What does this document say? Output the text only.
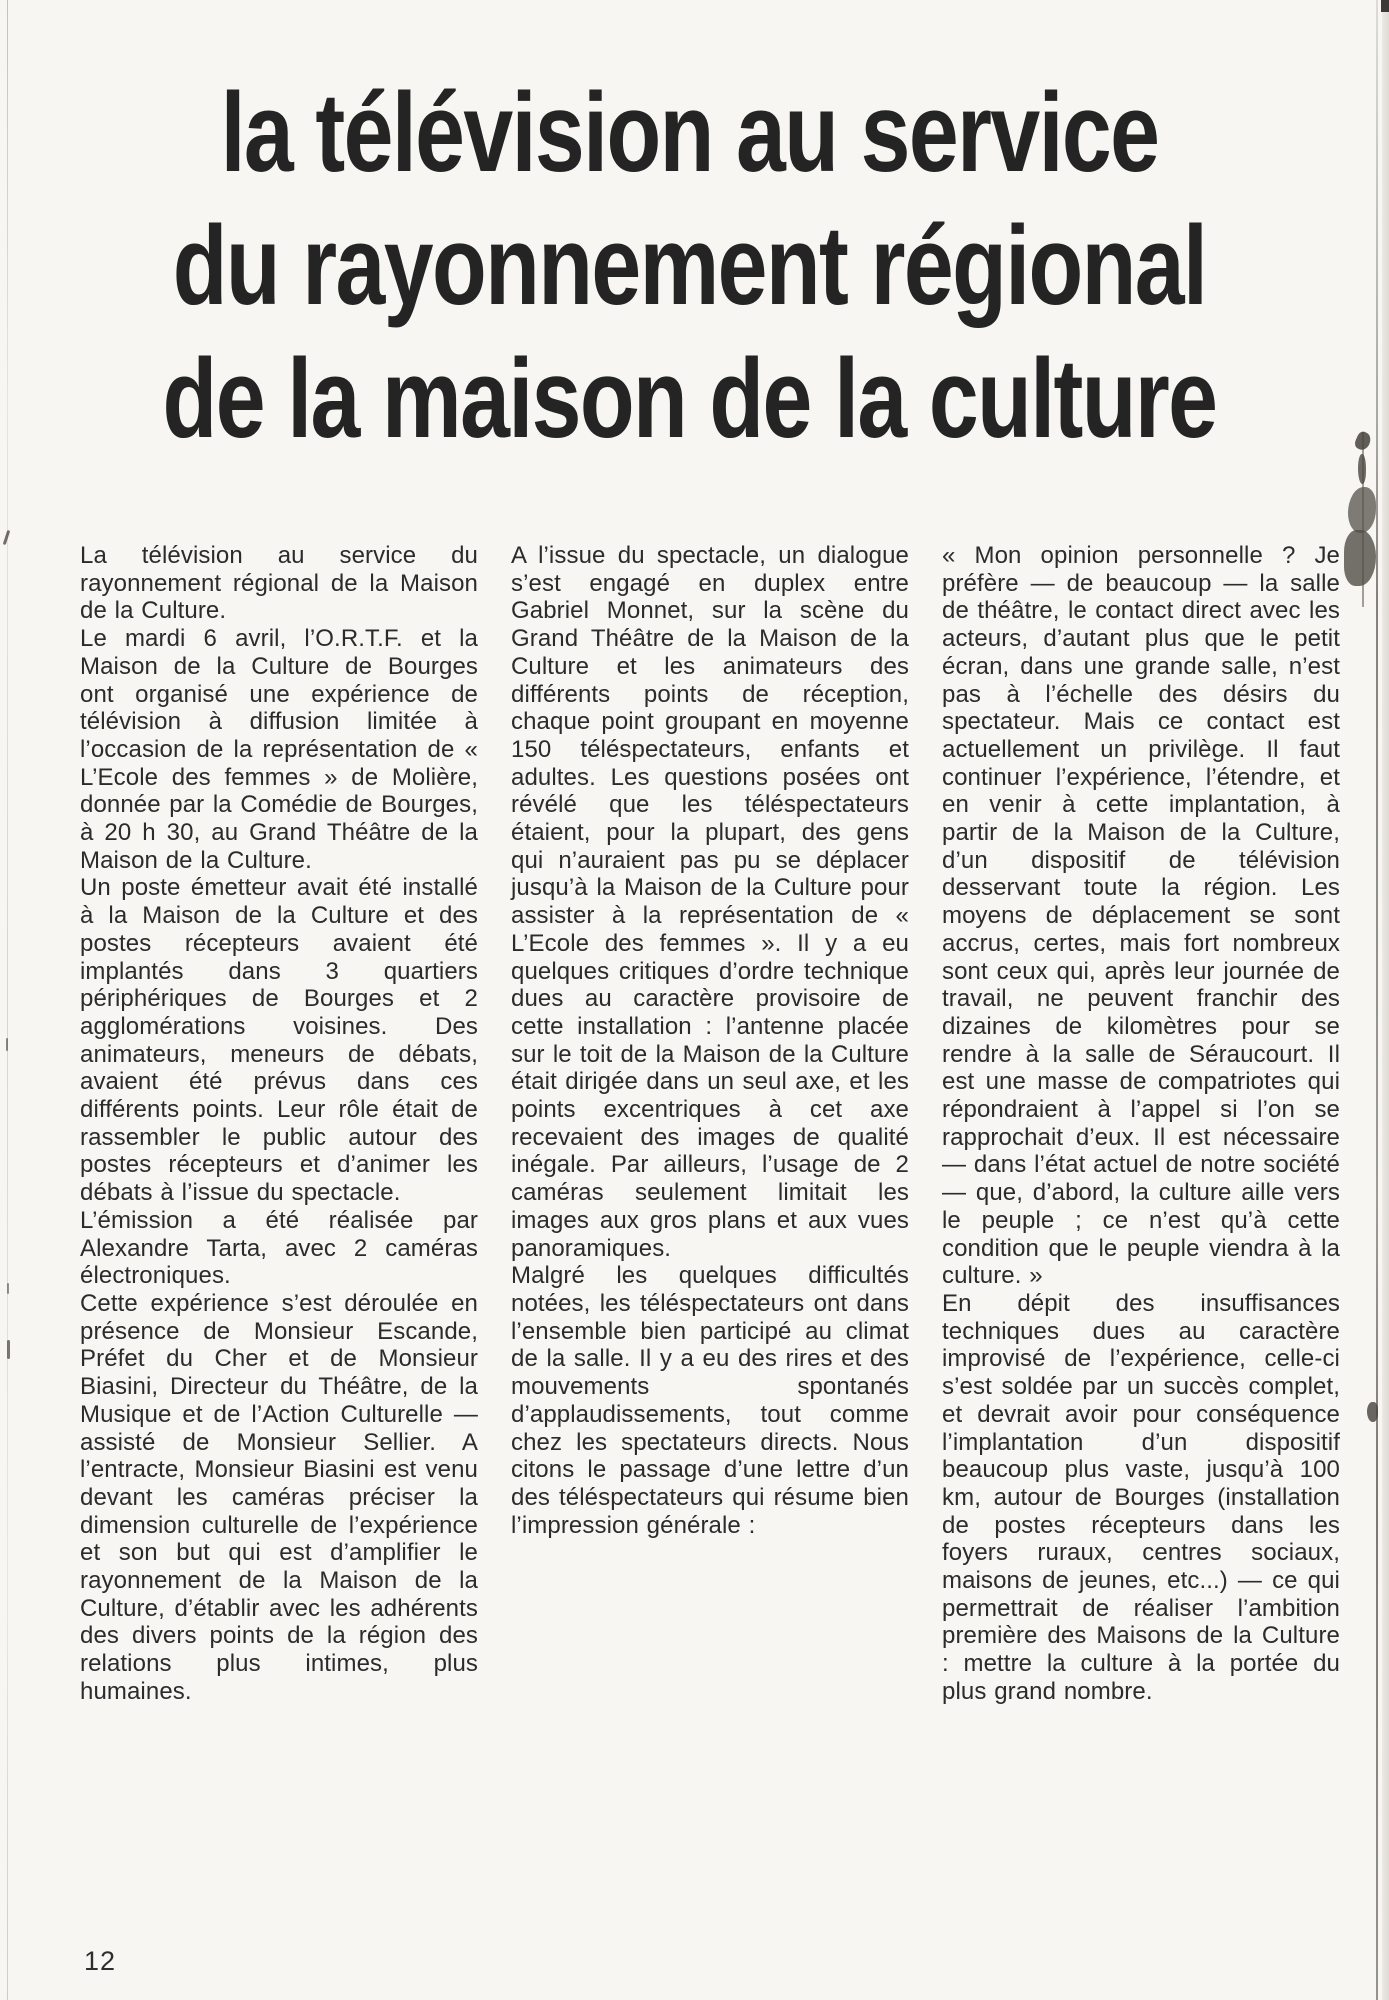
la télévision au service
du rayonnement régional
de la maison de la culture

La télévision au service du rayonnement régional de la Maison de la Culture.

Le mardi 6 avril, l’O.R.T.F. et la Maison de la Culture de Bourges ont organisé une expérience de télévision à diffusion limitée à l’occasion de la représentation de « L’Ecole des femmes » de Molière, donnée par la Comédie de Bourges, à 20 h 30, au Grand Théâtre de la Maison de la Culture.

Un poste émetteur avait été installé à la Maison de la Culture et des postes récepteurs avaient été implantés dans 3 quartiers périphériques de Bourges et 2 agglomérations voisines. Des animateurs, meneurs de débats, avaient été prévus dans ces différents points. Leur rôle était de rassembler le public autour des postes récepteurs et d’animer les débats à l’issue du spectacle.

L’émission a été réalisée par Alexandre Tarta, avec 2 caméras électroniques.

Cette expérience s’est déroulée en présence de Monsieur Escande, Préfet du Cher et de Monsieur Biasini, Directeur du Théâtre, de la Musique et de l’Action Culturelle — assisté de Monsieur Sellier. A l’entracte, Monsieur Biasini est venu devant les caméras préciser la dimension culturelle de l’expérience et son but qui est d’amplifier le rayonnement de la Maison de la Culture, d’établir avec les adhérents des divers points de la région des relations plus intimes, plus humaines.

A l’issue du spectacle, un dialogue s’est engagé en duplex entre Gabriel Monnet, sur la scène du Grand Théâtre de la Maison de la Culture et les animateurs des différents points de réception, chaque point groupant en moyenne 150 téléspectateurs, enfants et adultes. Les questions posées ont révélé que les téléspectateurs étaient, pour la plupart, des gens qui n’auraient pas pu se déplacer jusqu’à la Maison de la Culture pour assister à la représentation de « L’Ecole des femmes ». Il y a eu quelques critiques d’ordre technique dues au caractère provisoire de cette installation : l’antenne placée sur le toit de la Maison de la Culture était dirigée dans un seul axe, et les points excentriques à cet axe recevaient des images de qualité inégale. Par ailleurs, l’usage de 2 caméras seulement limitait les images aux gros plans et aux vues panoramiques.

Malgré les quelques difficultés notées, les téléspectateurs ont dans l’ensemble bien participé au climat de la salle. Il y a eu des rires et des mouvements spontanés d’applaudissements, tout comme chez les spectateurs directs. Nous citons le passage d’une lettre d’un des téléspectateurs qui résume bien l’impression générale :

« Mon opinion personnelle ? Je préfère — de beaucoup — la salle de théâtre, le contact direct avec les acteurs, d’autant plus que le petit écran, dans une grande salle, n’est pas à l’échelle des désirs du spectateur. Mais ce contact est actuellement un privilège. Il faut continuer l’expérience, l’étendre, et en venir à cette implantation, à partir de la Maison de la Culture, d’un dispositif de télévision desservant toute la région. Les moyens de déplacement se sont accrus, certes, mais fort nombreux sont ceux qui, après leur journée de travail, ne peuvent franchir des dizaines de kilomètres pour se rendre à la salle de Séraucourt. Il est une masse de compatriotes qui répondraient à l’appel si l’on se rapprochait d’eux. Il est nécessaire — dans l’état actuel de notre société — que, d’abord, la culture aille vers le peuple ; ce n’est qu’à cette condition que le peuple viendra à la culture. »

En dépit des insuffisances techniques dues au caractère improvisé de l’expérience, celle-ci s’est soldée par un succès complet, et devrait avoir pour conséquence l’implantation d’un dispositif beaucoup plus vaste, jusqu’à 100 km, autour de Bourges (installation de postes récepteurs dans les foyers ruraux, centres sociaux, maisons de jeunes, etc...) — ce qui permettrait de réaliser l’ambition première des Maisons de la Culture : mettre la culture à la portée du plus grand nombre.

12
